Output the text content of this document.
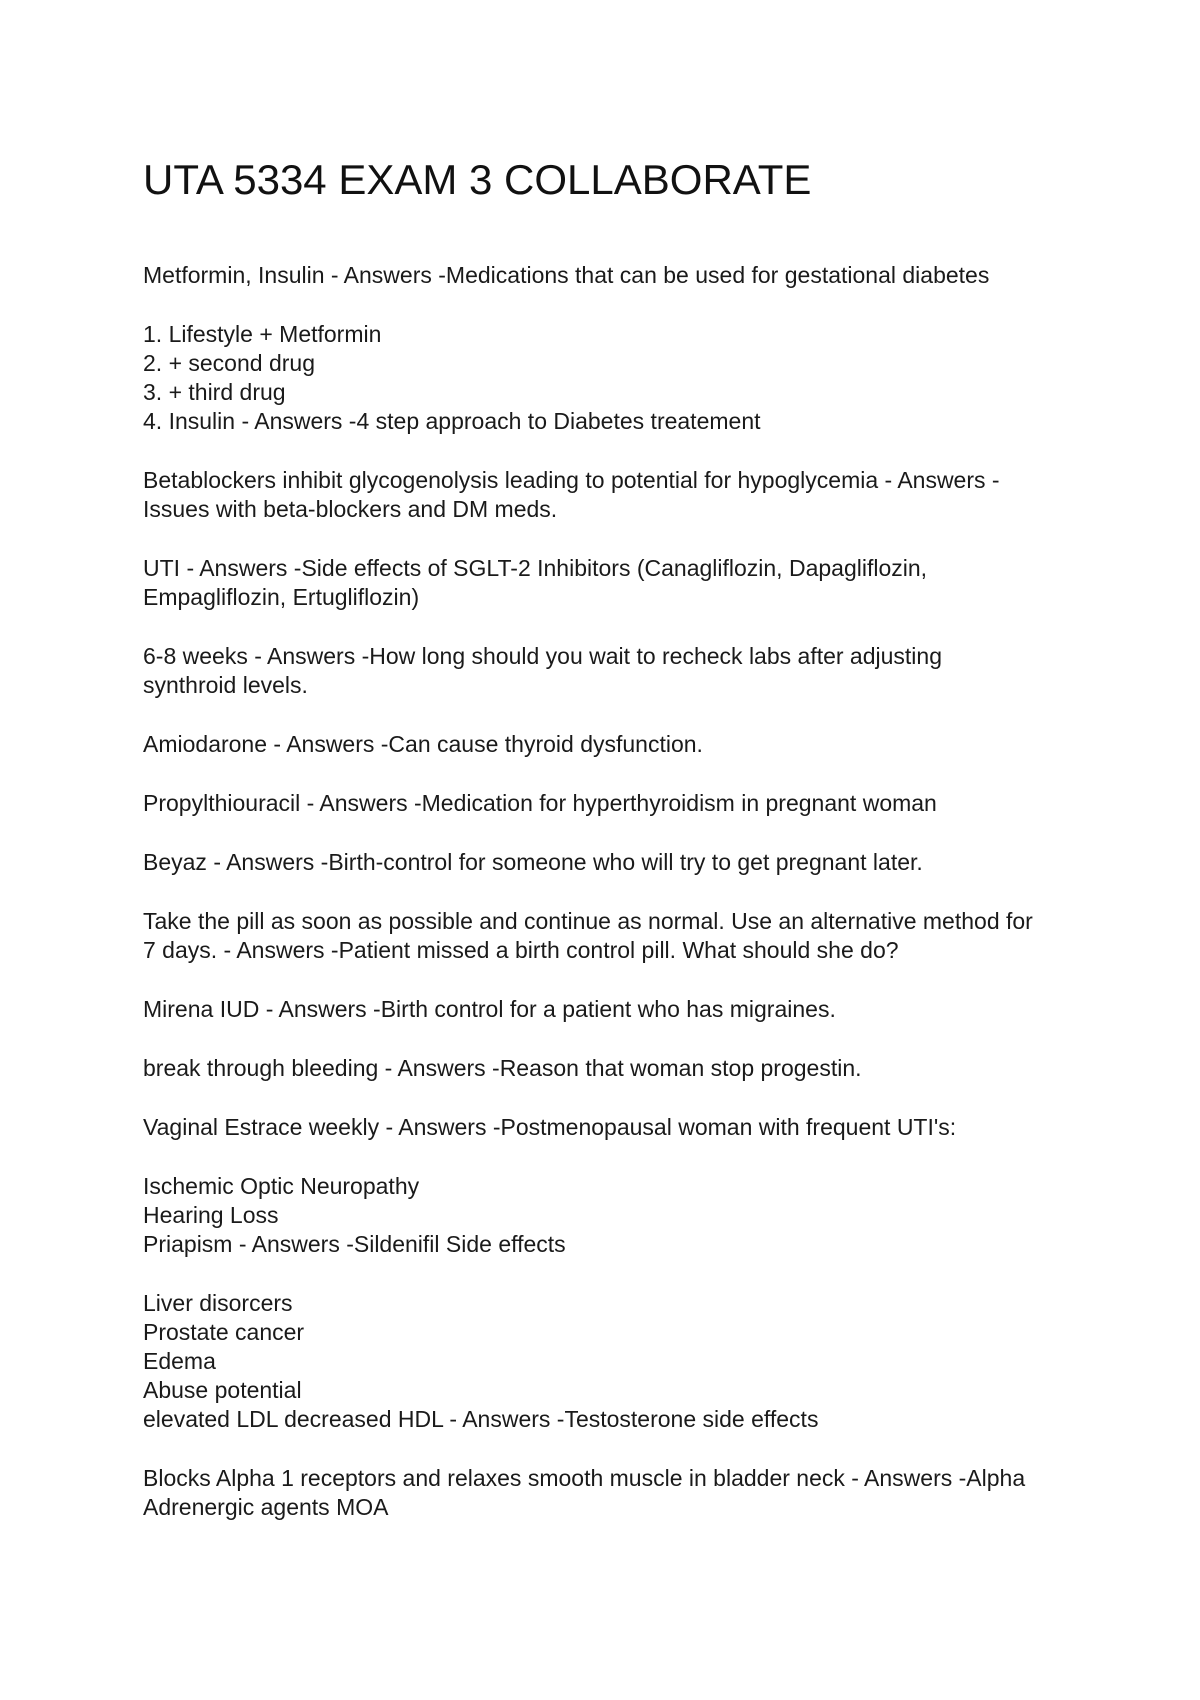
UTA 5334 EXAM 3 COLLABORATE

Metformin, Insulin - Answers -Medications that can be used for gestational diabetes

1. Lifestyle + Metformin
2. + second drug
3. + third drug
4. Insulin - Answers -4 step approach to Diabetes treatement

Betablockers inhibit glycogenolysis leading to potential for hypoglycemia - Answers -
Issues with beta-blockers and DM meds.

UTI - Answers -Side effects of SGLT-2 Inhibitors (Canagliflozin, Dapagliflozin,
Empagliflozin, Ertugliflozin)

6-8 weeks - Answers -How long should you wait to recheck labs after adjusting
synthroid levels.

Amiodarone - Answers -Can cause thyroid dysfunction.

Propylthiouracil - Answers -Medication for hyperthyroidism in pregnant woman

Beyaz - Answers -Birth-control for someone who will try to get pregnant later.

Take the pill as soon as possible and continue as normal. Use an alternative method for
7 days. - Answers -Patient missed a birth control pill. What should she do?

Mirena IUD - Answers -Birth control for a patient who has migraines.

break through bleeding - Answers -Reason that woman stop progestin.

Vaginal Estrace weekly - Answers -Postmenopausal woman with frequent UTI's:

Ischemic Optic Neuropathy
Hearing Loss
Priapism - Answers -Sildenifil Side effects

Liver disorcers
Prostate cancer
Edema
Abuse potential
elevated LDL decreased HDL - Answers -Testosterone side effects

Blocks Alpha 1 receptors and relaxes smooth muscle in bladder neck - Answers -Alpha
Adrenergic agents MOA
